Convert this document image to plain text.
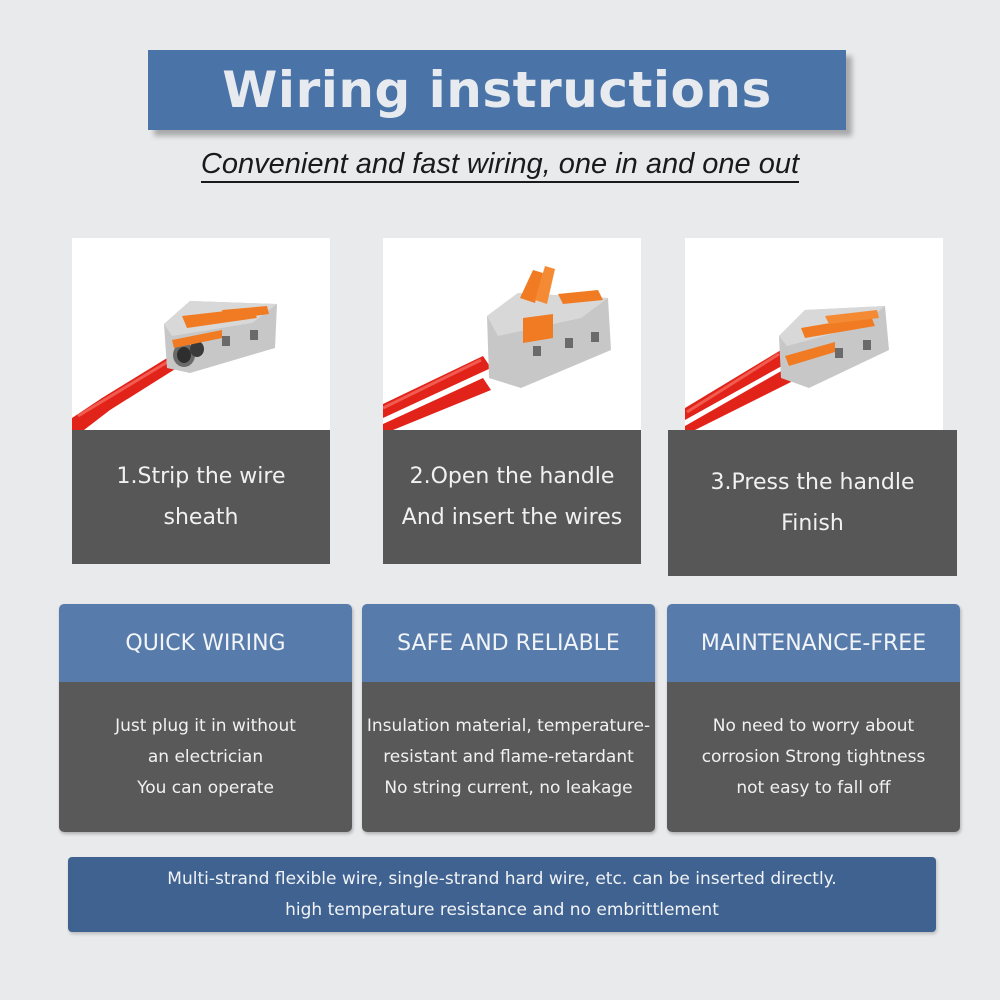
Wiring instructions
Convenient and fast wiring, one in and one out
1.Strip the wire
sheath
2.Open the handle
And insert the wires
3.Press the handle
Finish
QUICK WIRING
Just plug it in without
an electrician
You can operate
SAFE AND RELIABLE
Insulation material, temperature-
resistant and flame-retardant
No string current, no leakage
MAINTENANCE-FREE
No need to worry about
corrosion Strong tightness
not easy to fall off
Multi-strand flexible wire, single-strand hard wire, etc. can be inserted directly.
high temperature resistance and no embrittlement
